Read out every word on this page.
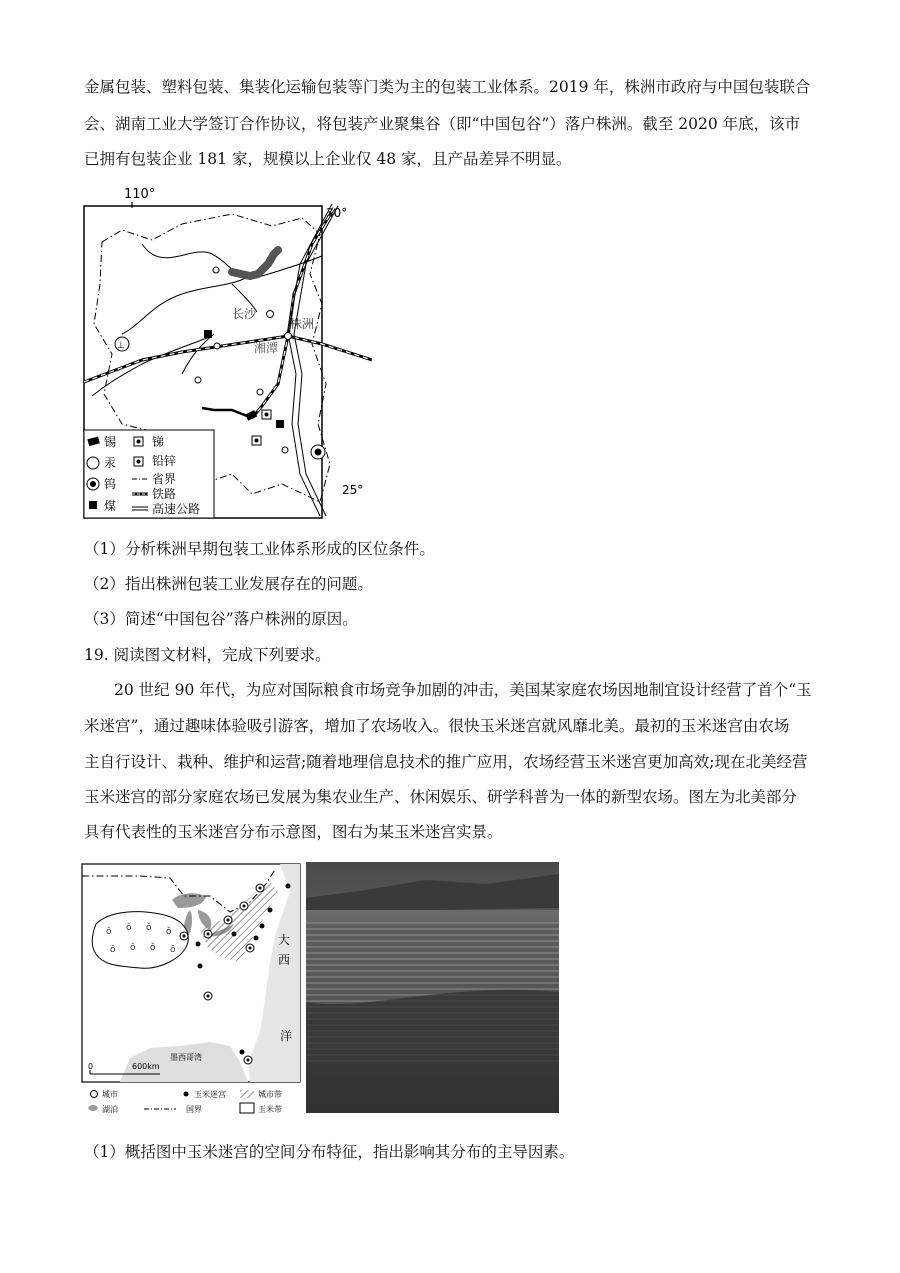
金属包装、塑料包装、集装化运输包装等门类为主的包装工业体系。2019 年，株洲市政府与中国包装联合
会、湖南工业大学签订合作协议，将包装产业聚集谷（即“中国包谷”）落户株洲。截至 2020 年底，该市
已拥有包装企业 181 家，规模以上企业仅 48 家，且产品差异不明显。
110°
30°
25°
长沙
株洲
湘潭
⊥
锡
汞
钨
煤
锑
铅锌
省界
铁路
高速公路
（1）分析株洲早期包装工业体系形成的区位条件。
（2）指出株洲包装工业发展存在的问题。
（3）简述“中国包谷”落户株洲的原因。
19. 阅读图文材料，完成下列要求。
20 世纪 90 年代，为应对国际粮食市场竞争加剧的冲击，美国某家庭农场因地制宜设计经营了首个“玉
米迷宫”，通过趣味体验吸引游客，增加了农场收入。很快玉米迷宫就风靡北美。最初的玉米迷宫由农场
主自行设计、栽种、维护和运营;随着地理信息技术的推广应用，农场经营玉米迷宫更加高效;现在北美经营
玉米迷宫的部分家庭农场已发展为集农业生产、休闲娱乐、研学科普为一体的新型农场。图左为北美部分
具有代表性的玉米迷宫分布示意图，图右为某玉米迷宫实景。
ǒ ǒ ǒ ǒ
ǒ ǒ ǒ ǒ
大
西
洋
墨西哥湾
0	600km
城市	玉米迷宫	城市带
湖泊	国界	玉米带
（1）概括图中玉米迷宫的空间分布特征，指出影响其分布的主导因素。
